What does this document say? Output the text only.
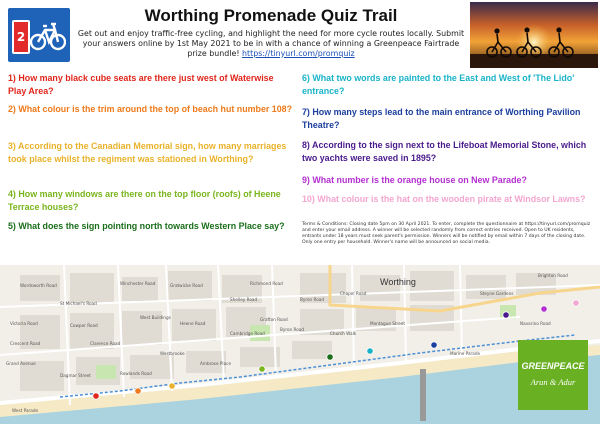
2
Worthing Promenade Quiz Trail
Get out and enjoy traffic-free cycling, and highlight the need for more cycle routes locally. Submit your answers online by 1st May 2021 to be in with a chance of winning a Greenpeace Fairtrade prize bundle! https://tinyurl.com/promquiz
1) How many black cube seats are there just west of Waterwise Play Area?
2) What colour is the trim around the top of beach hut number 108?
3) According to the Canadian Memorial sign, how many marriages took place whilst the regiment was stationed in Worthing?
4) How many windows are there on the top floor (roofs) of Heene Terrace houses?
5) What does the sign pointing north towards Western Place say?
6) What two words are painted to the East and West of 'The Lido' entrance?
7) How many steps lead to the main entrance of Worthing Pavilion Theatre?
8) According to the sign next to the Lifeboat Memorial Stone, which two yachts were saved in 1895?
9) What number is the orange house on New Parade?
10) What colour is the hat on the wooden pirate at Windsor Lawns?
Terms & Conditions: Closing date 5pm on 30 April 2021. To enter, complete the questionnaire at https://tinyurl.com/promquiz and enter your email address. A winner will be selected randomly from correct entries received. Open to UK residents, entrants under 18 years must seek parent's permission. Winners will be notified by email within 7 days of the closing date. Only one entry per household. Winner's name will be announced on social media.
Worthing
Brighton Road
West Parade
Grand Avenue
Marine Parade
West Buildings
Heene Road
Richmond Road
Chapel Road	Steyne Gardens
Navarino Road
Montague Street
Byron Road
Shelley Road
Winchester Road
Grafton Road
Wordsworth Road
Church Walk
St Michael's Road
Victoria Road
Crescent Road
Cowper Road
Gratwicke Road
Clarence Road
Dagmar Street
Cambridge Road
Byron Road
Westbrooke
Rowlands Road
Ambrose Place	GREENPEACE
Arun & Adur
